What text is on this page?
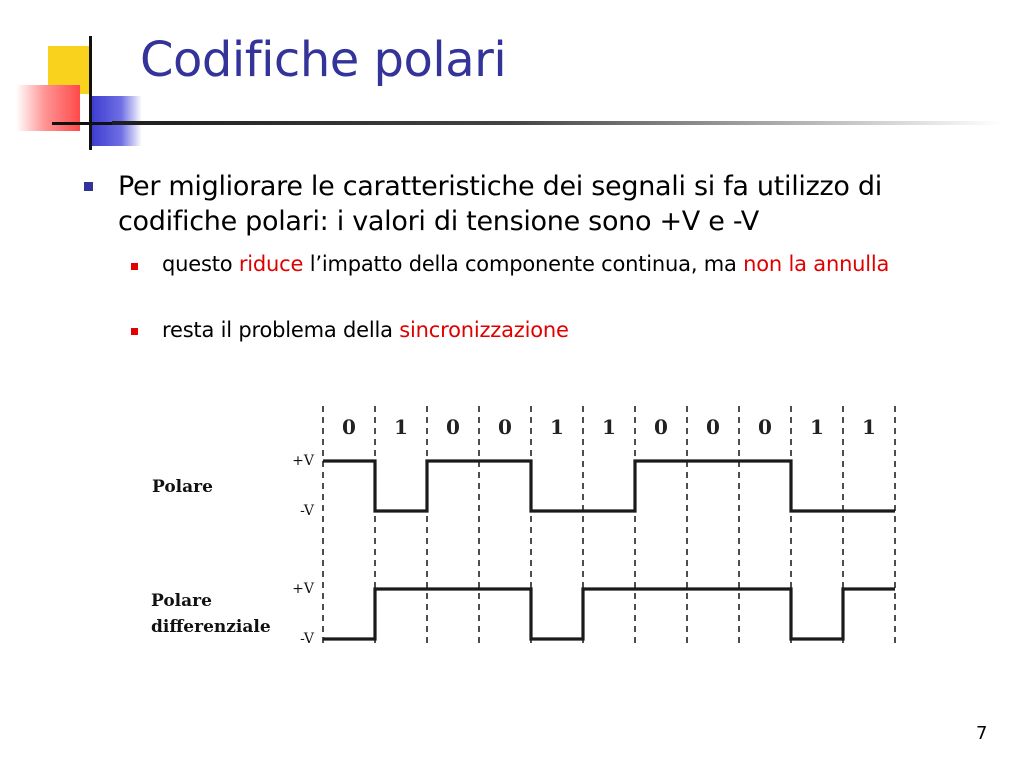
Codifiche polari
Per migliorare le caratteristiche dei segnali si fa utilizzo di codifiche polari: i valori di tensione sono +V e -V
questo riduce l’impatto della componente continua, ma non la annulla
resta il problema della sincronizzazione
0 1 0 0 1 1 0 0 0 1 1
Polare
+V
-V
Polare
differenziale
+V
-V
7
